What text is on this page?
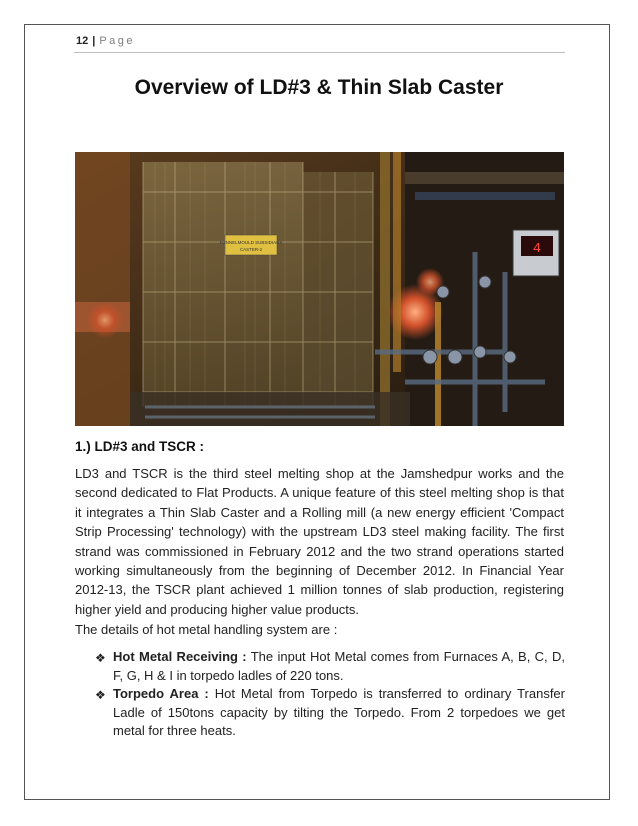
12 | Page
Overview of LD#3 & Thin Slab Caster
FUNNELMOULD SUBSIDIARY
CASTER-2	4
1.) LD#3 and TSCR :
LD3 and TSCR is the third steel melting shop at the Jamshedpur works and the second dedicated to Flat Products. A unique feature of this steel melting shop is that it integrates a Thin Slab Caster and a Rolling mill (a new energy efficient 'Compact Strip Processing' technology) with the upstream LD3 steel making facility. The first strand was commissioned in February 2012 and the two strand operations started working simultaneously from the beginning of December 2012. In Financial Year 2012-13, the TSCR plant achieved 1 million tonnes of slab production, registering higher yield and producing higher value products.
The details of hot metal handling system are :
❖ Hot Metal Receiving : The input Hot Metal comes from Furnaces A, B, C, D, F, G, H & I in torpedo ladles of 220 tons.
❖ Torpedo Area : Hot Metal from Torpedo is transferred to ordinary Transfer Ladle of 150tons capacity by tilting the Torpedo. From 2 torpedoes we get metal for three heats.
